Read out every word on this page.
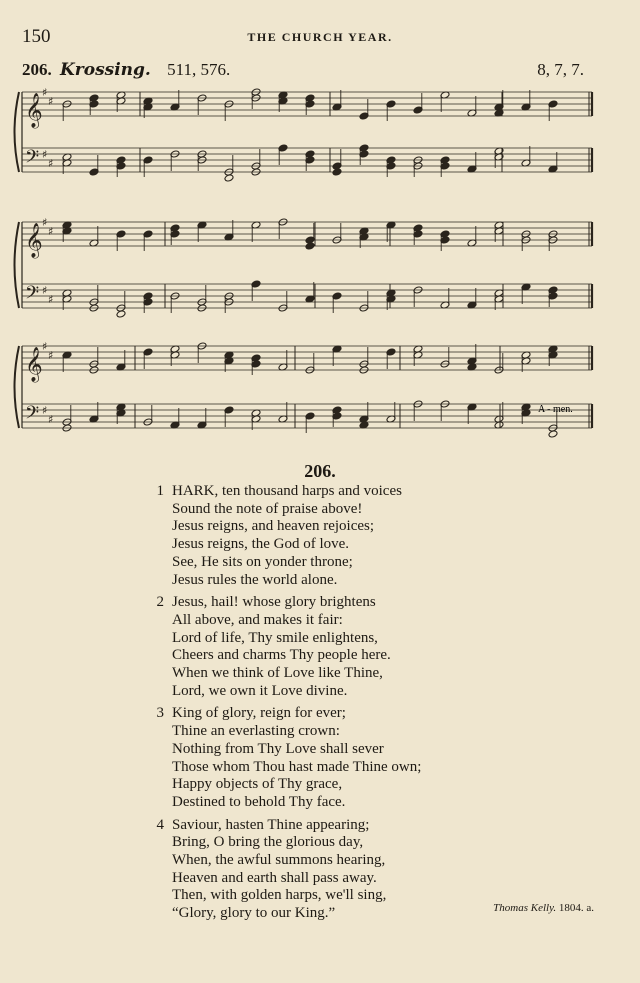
150	THE CHURCH YEAR.
206. Krossing. 511, 576.	8, 7, 7.
𝄞
♯
♯
𝄢 ♯
♯
𝄞
♯
♯
𝄢 ♯
♯
𝄞
♯
♯
𝄢 ♯
♯
A - men.
206.
1 HARK, ten thousand harps and voices
Sound the note of praise above!
Jesus reigns, and heaven rejoices;
Jesus reigns, the God of love.
See, He sits on yonder throne;
Jesus rules the world alone.
2 Jesus, hail! whose glory brightens
All above, and makes it fair:
Lord of life, Thy smile enlightens,
Cheers and charms Thy people here.
When we think of Love like Thine,
Lord, we own it Love divine.
3 King of glory, reign for ever;
Thine an everlasting crown:
Nothing from Thy Love shall sever
Those whom Thou hast made Thine own;
Happy objects of Thy grace,
Destined to behold Thy face.
4 Saviour, hasten Thine appearing;
Bring, O bring the glorious day,
When, the awful summons hearing,
Heaven and earth shall pass away.
Then, with golden harps, we'll sing,
“Glory, glory to our King.”	Thomas Kelly. 1804. a.
